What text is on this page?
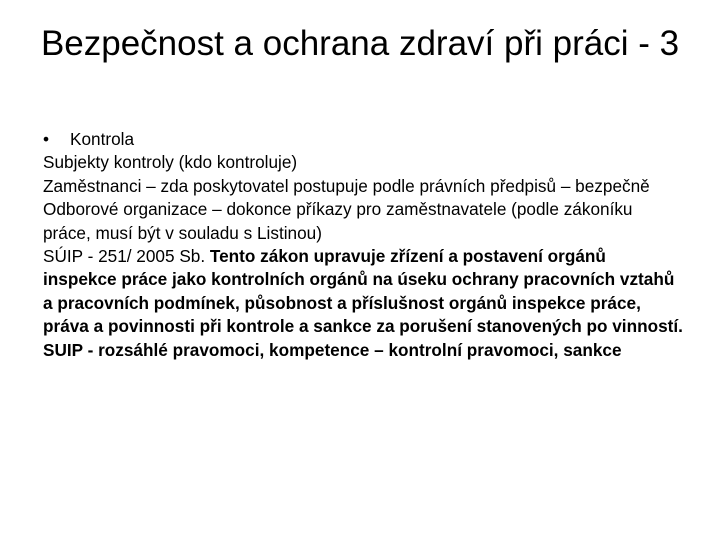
Bezpečnost a ochrana zdraví při práci - 3
•	Kontrola

Subjekty kontroly (kdo kontroluje)

Zaměstnanci – zda poskytovatel postupuje podle právních předpisů – bezpečně

Odborové organizace – dokonce příkazy pro zaměstnavatele (podle zákoníku práce, musí být v souladu s Listinou)

SÚIP - 251/ 2005 Sb. Tento zákon upravuje zřízení a postavení orgánů inspekce práce jako kontrolních orgánů na úseku ochrany pracovních vztahů a pracovních podmínek, působnost a příslušnost orgánů inspekce práce, práva a povinnosti při kontrole a sankce za porušení stanovených po vinností.

SUIP - rozsáhlé pravomoci, kompetence – kontrolní pravomoci, sankce
